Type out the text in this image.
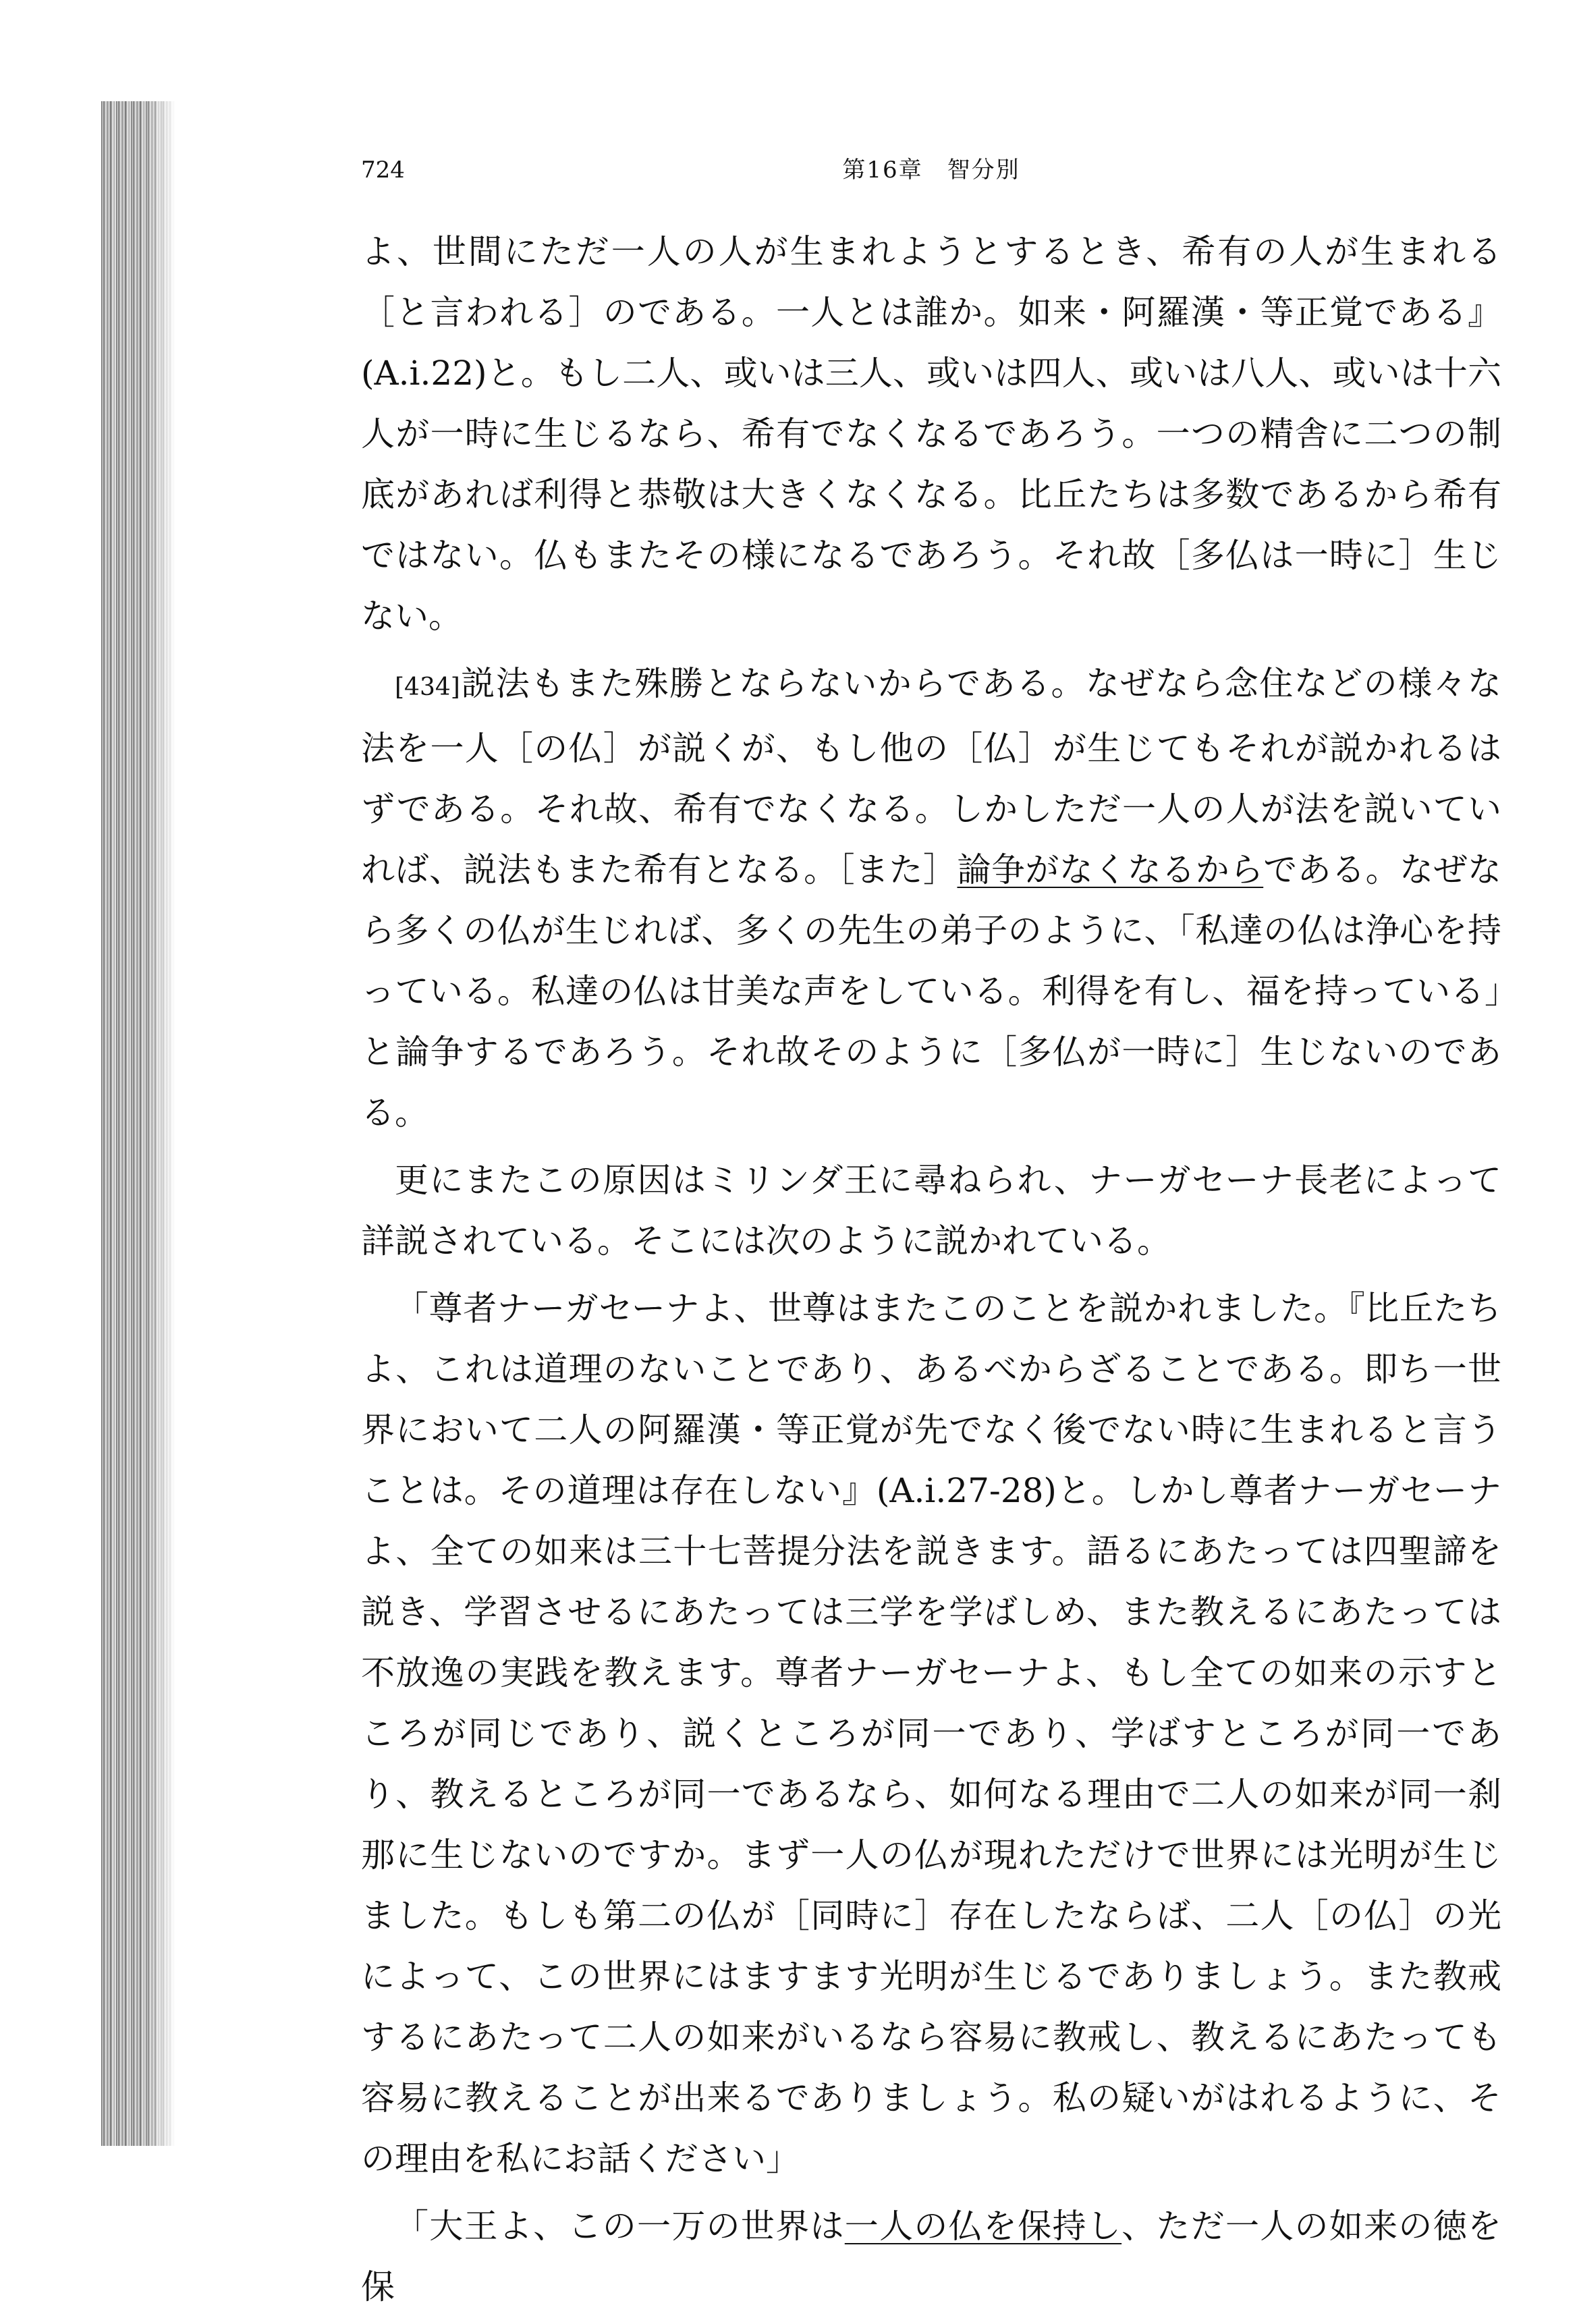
724	第16章　智分別

よ、世間にただ一人の人が生まれようとするとき、希有の人が生まれる［と言われる］のである。一人とは誰か。如来・阿羅漢・等正覚である』(A.i.22)と。もし二人、或いは三人、或いは四人、或いは八人、或いは十六人が一時に生じるなら、希有でなくなるであろう。一つの精舎に二つの制底があれば利得と恭敬は大きくなくなる。比丘たちは多数であるから希有ではない。仏もまたその様になるであろう。それ故［多仏は一時に］生じない。

[434]説法もまた殊勝とならないからである。なぜなら念住などの様々な法を一人［の仏］が説くが、もし他の［仏］が生じてもそれが説かれるはずである。それ故、希有でなくなる。しかしただ一人の人が法を説いていれば、説法もまた希有となる。［また］論争がなくなるからである。なぜなら多くの仏が生じれば、多くの先生の弟子のように、「私達の仏は浄心を持っている。私達の仏は甘美な声をしている。利得を有し、福を持っている」と論争するであろう。それ故そのように［多仏が一時に］生じないのである。

更にまたこの原因はミリンダ王に尋ねられ、ナーガセーナ長老によって詳説されている。そこには次のように説かれている。

「尊者ナーガセーナよ、世尊はまたこのことを説かれました。『比丘たちよ、これは道理のないことであり、あるべからざることである。即ち一世界において二人の阿羅漢・等正覚が先でなく後でない時に生まれると言うことは。その道理は存在しない』(A.i.27-28)と。しかし尊者ナーガセーナよ、全ての如来は三十七菩提分法を説きます。語るにあたっては四聖諦を説き、学習させるにあたっては三学を学ばしめ、また教えるにあたっては不放逸の実践を教えます。尊者ナーガセーナよ、もし全ての如来の示すところが同じであり、説くところが同一であり、学ばすところが同一であり、教えるところが同一であるなら、如何なる理由で二人の如来が同一刹那に生じないのですか。まず一人の仏が現れただけで世界には光明が生じました。もしも第二の仏が［同時に］存在したならば、二人［の仏］の光によって、この世界にはますます光明が生じるでありましょう。また教戒するにあたって二人の如来がいるなら容易に教戒し、教えるにあたっても容易に教えることが出来るでありましょう。私の疑いがはれるように、その理由を私にお話ください」

「大王よ、この一万の世界は一人の仏を保持し、ただ一人の如来の徳を保
